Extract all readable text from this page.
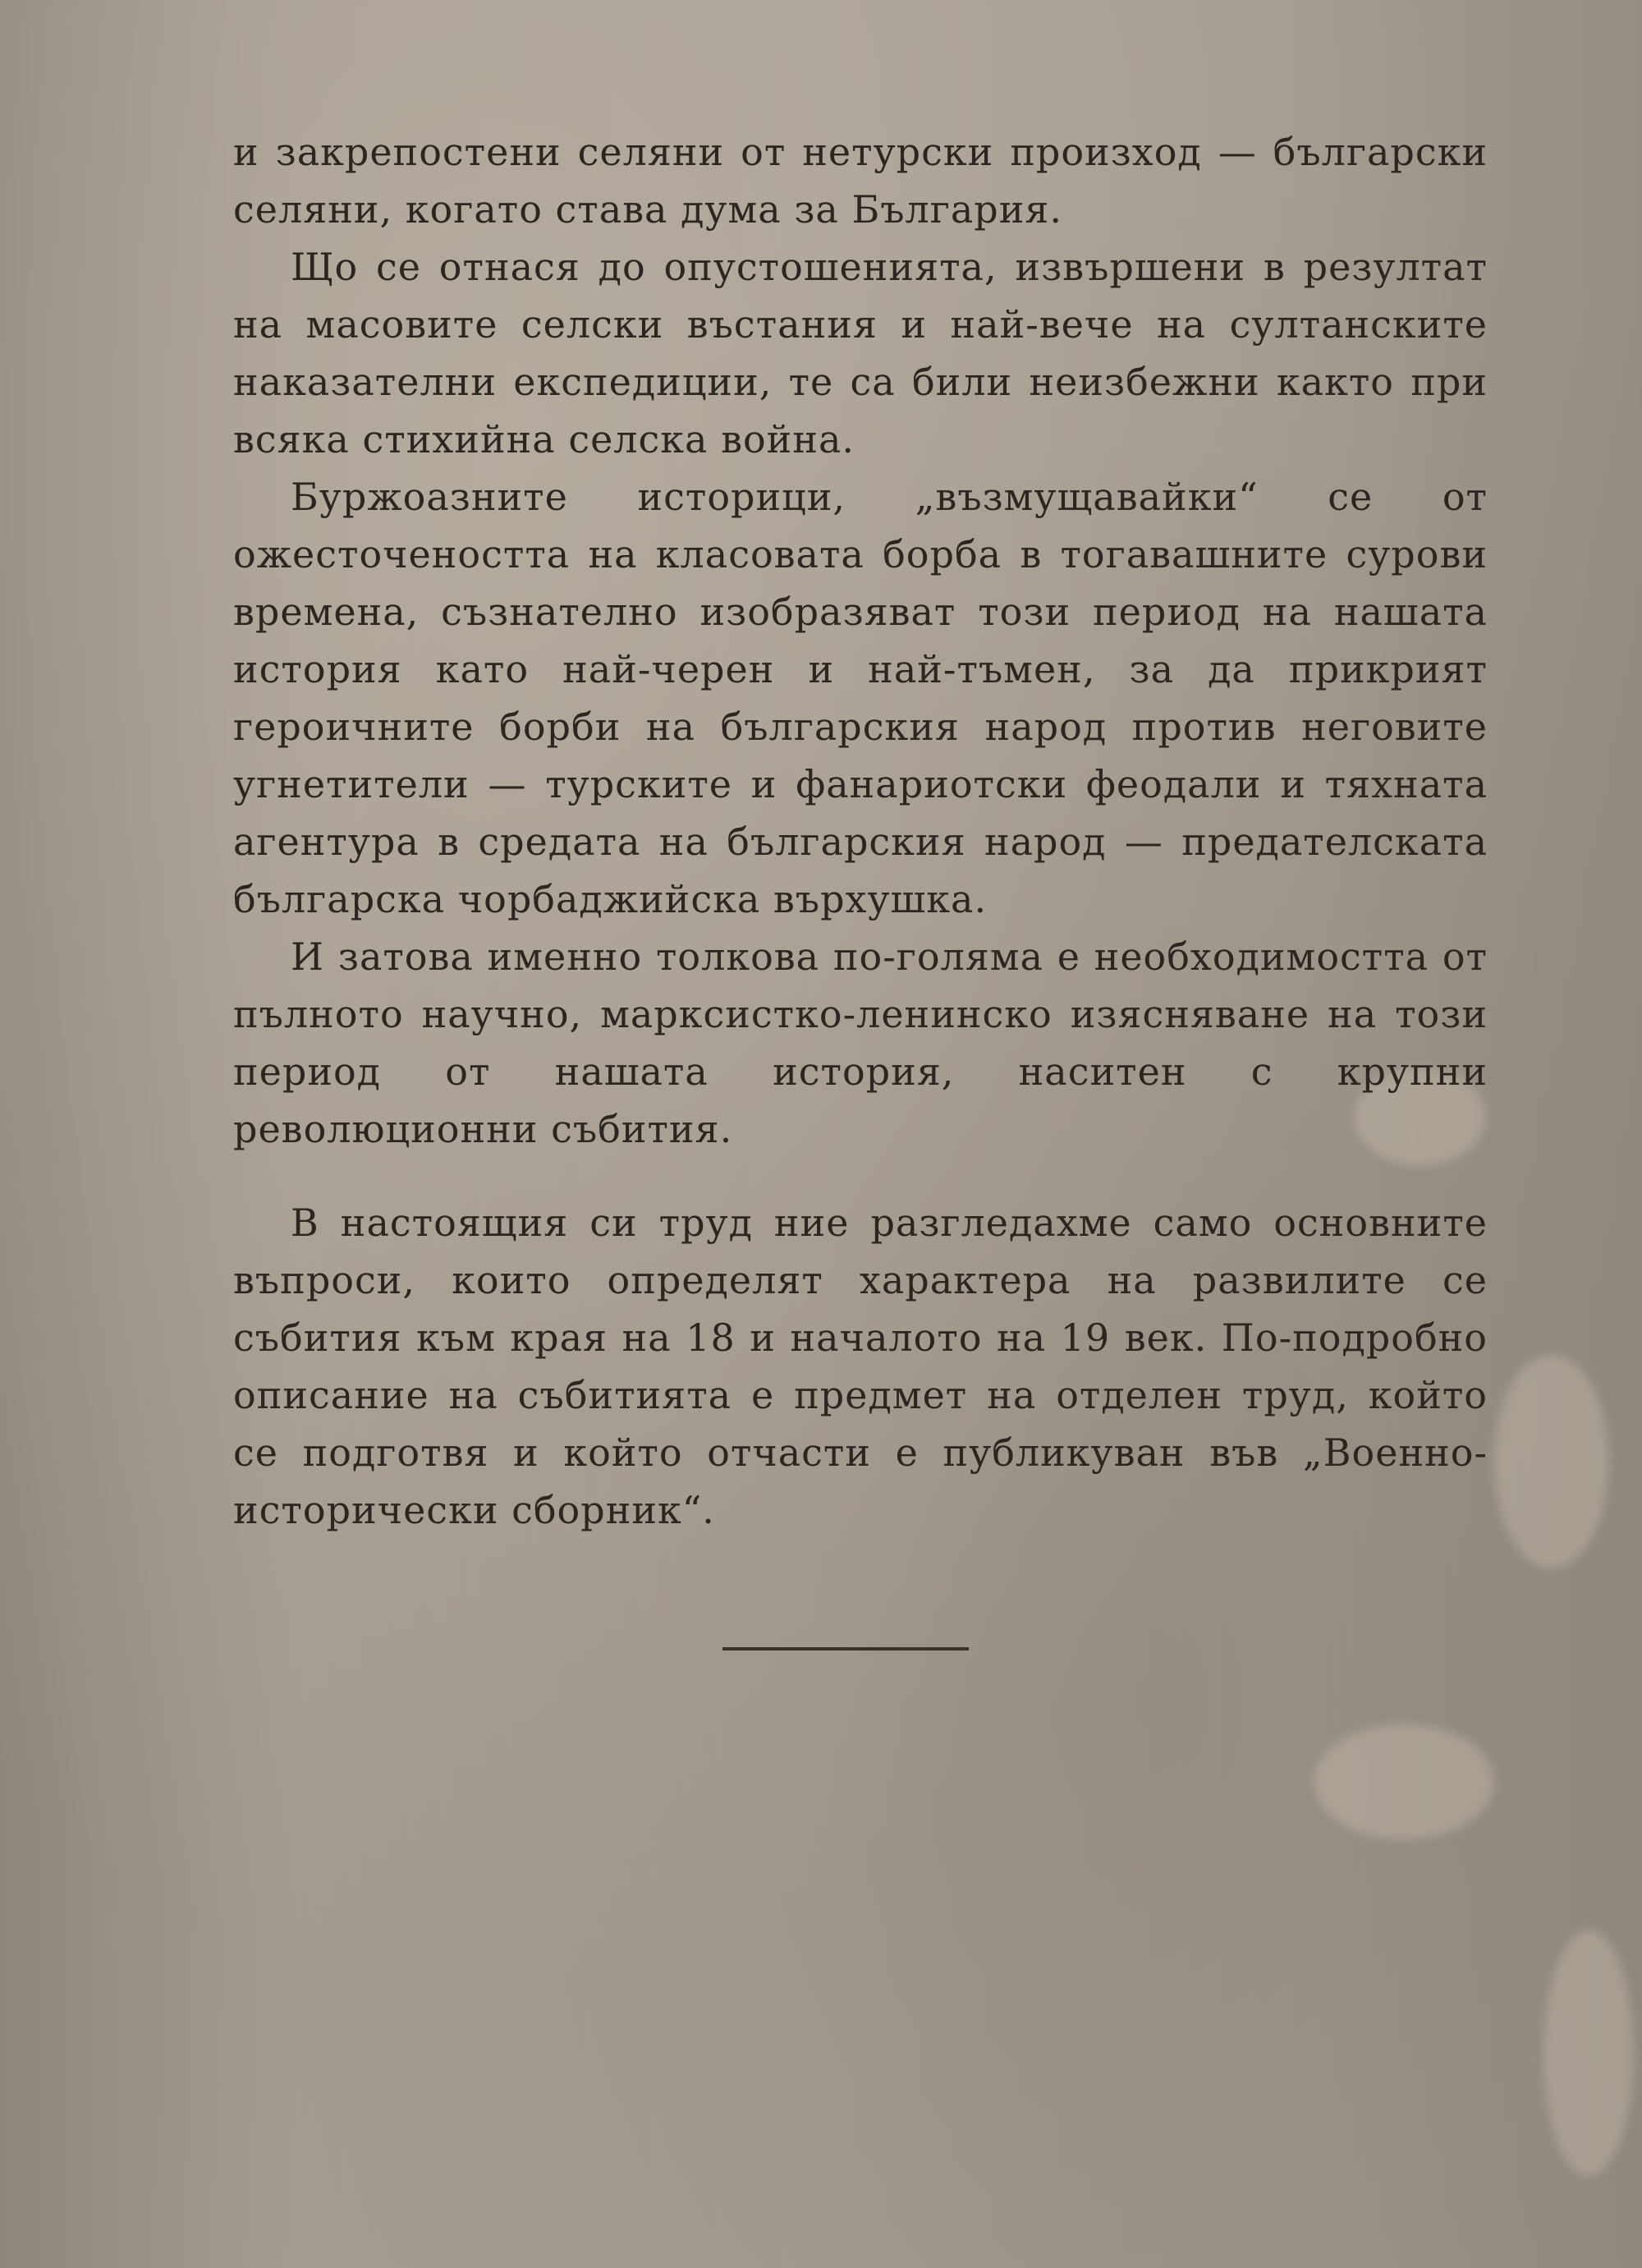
и закрепостени селяни от нетурски произход — български селяни, когато става дума за България.

Що се отнася до опустошенията, извършени в резултат на масовите селски въстания и най-вече на султанските наказателни експедиции, те са били неизбежни както при всяка стихийна селска война.

Буржоазните историци, „възмущавайки“ се от ожесточеността на класовата борба в тогавашните сурови времена, съзнателно изобразяват този период на нашата история като най-черен и най-тъмен, за да прикрият героичните борби на българския народ против неговите угнетители — турските и фанариотски феодали и тяхната агентура в средата на българския народ — предателската българска чорбаджийска върхушка.

И затова именно толкова по-голяма е необходимостта от пълното научно, марксистко-ленинско изясняване на този период от нашата история, наситен с крупни революционни събития.

В настоящия си труд ние разгледахме само основните въпроси, които определят характера на развилите се събития към края на 18 и началото на 19 век. По-подробно описание на събитията е предмет на отделен труд, който се подготвя и който отчасти е публикуван във „Военно-исторически сборник“.
